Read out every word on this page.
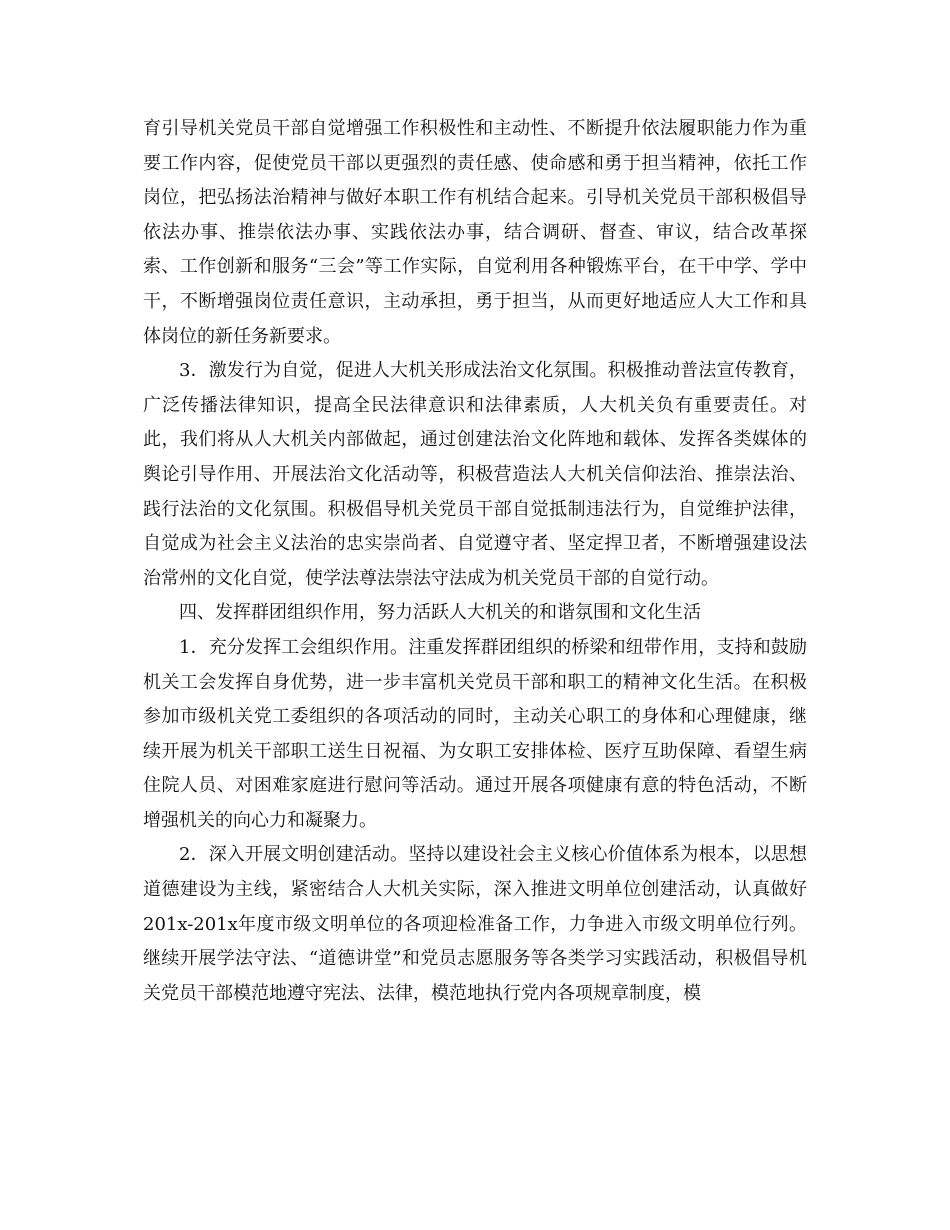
育引导机关党员干部自觉增强工作积极性和主动性、不断提升依法履职能力作为重要工作内容，促使党员干部以更强烈的责任感、使命感和勇于担当精神，依托工作岗位，把弘扬法治精神与做好本职工作有机结合起来。引导机关党员干部积极倡导依法办事、推崇依法办事、实践依法办事，结合调研、督查、审议，结合改革探索、工作创新和服务“三会”等工作实际，自觉利用各种锻炼平台，在干中学、学中干，不断增强岗位责任意识，主动承担，勇于担当，从而更好地适应人大工作和具体岗位的新任务新要求。

3．激发行为自觉，促进人大机关形成法治文化氛围。积极推动普法宣传教育，广泛传播法律知识，提高全民法律意识和法律素质，人大机关负有重要责任。对此，我们将从人大机关内部做起，通过创建法治文化阵地和载体、发挥各类媒体的舆论引导作用、开展法治文化活动等，积极营造法人大机关信仰法治、推崇法治、践行法治的文化氛围。积极倡导机关党员干部自觉抵制违法行为，自觉维护法律，自觉成为社会主义法治的忠实崇尚者、自觉遵守者、坚定捍卫者，不断增强建设法治常州的文化自觉，使学法尊法崇法守法成为机关党员干部的自觉行动。

四、发挥群团组织作用，努力活跃人大机关的和谐氛围和文化生活

1．充分发挥工会组织作用。注重发挥群团组织的桥梁和纽带作用，支持和鼓励机关工会发挥自身优势，进一步丰富机关党员干部和职工的精神文化生活。在积极参加市级机关党工委组织的各项活动的同时，主动关心职工的身体和心理健康，继续开展为机关干部职工送生日祝福、为女职工安排体检、医疗互助保障、看望生病住院人员、对困难家庭进行慰问等活动。通过开展各项健康有意的特色活动，不断增强机关的向心力和凝聚力。

2．深入开展文明创建活动。坚持以建设社会主义核心价值体系为根本，以思想道德建设为主线，紧密结合人大机关实际，深入推进文明单位创建活动，认真做好201x-201x年度市级文明单位的各项迎检准备工作，力争进入市级文明单位行列。继续开展学法守法、“道德讲堂”和党员志愿服务等各类学习实践活动，积极倡导机关党员干部模范地遵守宪法、法律，模范地执行党内各项规章制度，模
